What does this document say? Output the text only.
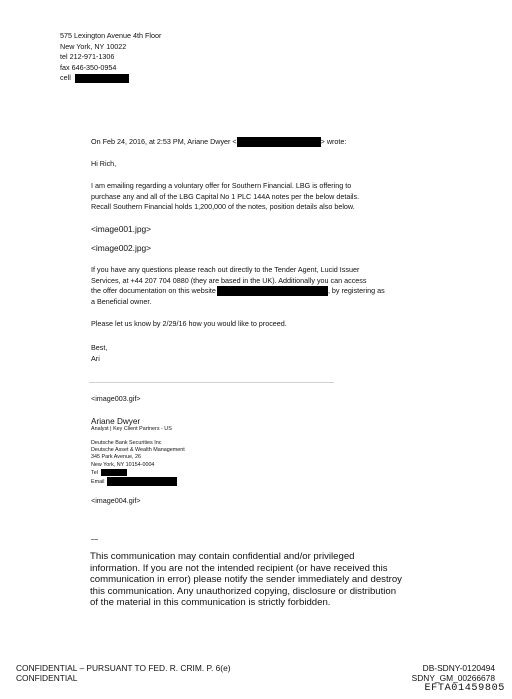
575 Lexington Avenue 4th Floor
New York, NY 10022
tel 212-971-1306
fax 646-350-0954
cell
On Feb 24, 2016, at 2:53 PM, Ariane Dwyer <	> wrote:
Hi Rich,
I am emailing regarding a voluntary offer for Southern Financial. LBG is offering to
purchase any and all of the LBG Capital No 1 PLC 144A notes per the below details.
Recall Southern Financial holds 1,200,000 of the notes, position details also below.
<image001.jpg>
<image002.jpg>
If you have any questions please reach out directly to the Tender Agent, Lucid Issuer
Services, at +44 207 704 0880 (they are based in the UK). Additionally you can access
the offer documentation on this website	, by registering as
a Beneficial owner.
Please let us know by 2/29/16 how you would like to proceed.
Best,
Ari
<image003.gif>
Ariane Dwyer
Analyst | Key Client Partners - US
Deutsche Bank Securities Inc
Deutsche Asset & Wealth Management
345 Park Avenue, 26
New York, NY 10154-0004
Tel
Email
<image004.gif>
—
This communication may contain confidential and/or privileged
information. If you are not the intended recipient (or have received this
communication in error) please notify the sender immediately and destroy
this communication. Any unauthorized copying, disclosure or distribution
of the material in this communication is strictly forbidden.
CONFIDENTIAL – PURSUANT TO FED. R. CRIM. P. 6(e)
CONFIDENTIAL
DB-SDNY-0120494
SDNY_GM_00266678
EFTA01459805
